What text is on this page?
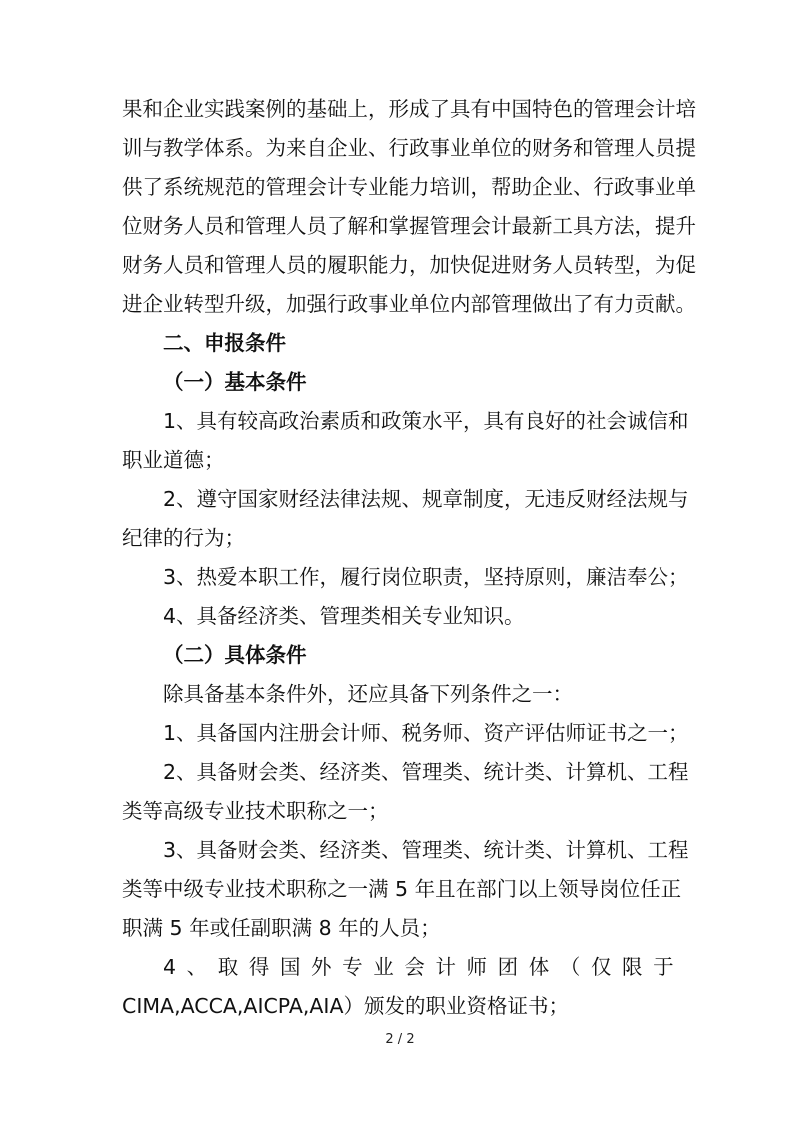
果和企业实践案例的基础上，形成了具有中国特色的管理会计培
训与教学体系。为来自企业、行政事业单位的财务和管理人员提
供了系统规范的管理会计专业能力培训，帮助企业、行政事业单
位财务人员和管理人员了解和掌握管理会计最新工具方法，提升
财务人员和管理人员的履职能力，加快促进财务人员转型，为促
进企业转型升级，加强行政事业单位内部管理做出了有力贡献。
二、申报条件
（一）基本条件
1、具有较高政治素质和政策水平，具有良好的社会诚信和
职业道德；
2、遵守国家财经法律法规、规章制度，无违反财经法规与
纪律的行为；
3、热爱本职工作，履行岗位职责，坚持原则，廉洁奉公；
4、具备经济类、管理类相关专业知识。
（二）具体条件
除具备基本条件外，还应具备下列条件之一：
1、具备国内注册会计师、税务师、资产评估师证书之一；
2、具备财会类、经济类、管理类、统计类、计算机、工程
类等高级专业技术职称之一；
3、具备财会类、经济类、管理类、统计类、计算机、工程
类等中级专业技术职称之一满 5 年且在部门以上领导岗位任正
职满 5 年或任副职满 8 年的人员；
4、取得国外专业会计师团体（仅限于
CIMA,ACCA,AICPA,AIA）颁发的职业资格证书；
2 / 2
